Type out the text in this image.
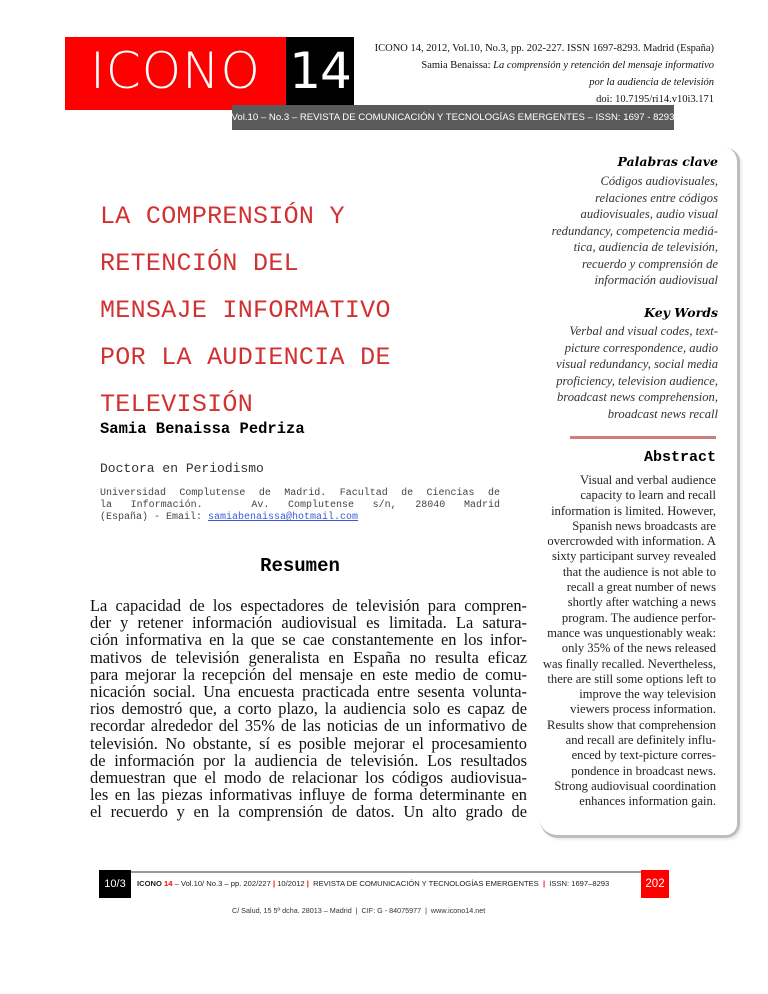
ICONO 14	ICONO 14, 2012, Vol.10, No.3, pp. 202-227. ISSN 1697-8293. Madrid (España)
Samia Benaissa: La comprensión y retención del mensaje informativo
por la audiencia de televisión
doi: 10.7195/ri14.v10i3.171
Vol.10 – No.3 – REVISTA DE COMUNICACIÓN Y TECNOLOGÍAS EMERGENTES – ISSN: 1697 - 8293
LA COMPRENSIÓN Y
RETENCIÓN DEL
MENSAJE INFORMATIVO
POR LA AUDIENCIA DE
TELEVISIÓN
Samia Benaissa Pedriza
Doctora en Periodismo
Universidad Complutense de Madrid. Facultad de Ciencias de
la Información.	Av. Complutense s/n, 28040 Madrid
(España) - Email: samiabenaissa@hotmail.com
Resumen
La capacidad de los espectadores de televisión para compren-
der y retener información audiovisual es limitada. La satura-
ción informativa en la que se cae constantemente en los infor-
mativos de televisión generalista en España no resulta eficaz
para mejorar la recepción del mensaje en este medio de comu-
nicación social. Una encuesta practicada entre sesenta volunta-
rios demostró que, a corto plazo, la audiencia solo es capaz de
recordar alrededor del 35% de las noticias de un informativo de
televisión. No obstante, sí es posible mejorar el procesamiento
de información por la audiencia de televisión. Los resultados
demuestran que el modo de relacionar los códigos audiovisua-
les en las piezas informativas influye de forma determinante en
el recuerdo y en la comprensión de datos. Un alto grado de
Palabras clave
Códigos audiovisuales,
relaciones entre códigos
audiovisuales, audio visual
redundancy, competencia mediá-
tica, audiencia de televisión,
recuerdo y comprensión de
información audiovisual
Key Words
Verbal and visual codes, text-
picture correspondence, audio
visual redundancy, social media
proficiency, television audience,
broadcast news comprehension,
broadcast news recall
Abstract
Visual and verbal audience
capacity to learn and recall
information is limited. However,
Spanish news broadcasts are
overcrowded with information. A
sixty participant survey revealed
that the audience is not able to
recall a great number of news
shortly after watching a news
program. The audience perfor-
mance was unquestionably weak:
only 35% of the news released
was finally recalled. Nevertheless,
there are still some options left to
improve the way television
viewers process information.
Results show that comprehension
and recall are definitely influ-
enced by text-picture corres-
pondence in broadcast news.
Strong audiovisual coordination
enhances information gain.
10/3	ICONO 14 – Vol.10/ No.3 – pp. 202/227 | 10/2012 |  REVISTA DE COMUNICACIÓN Y TECNOLOGÍAS EMERGENTES  |  ISSN: 1697–8293
C/ Salud, 15 5º dcha. 28013 – Madrid  |  CIF: G - 84075977  |  www.icono14.net
202
